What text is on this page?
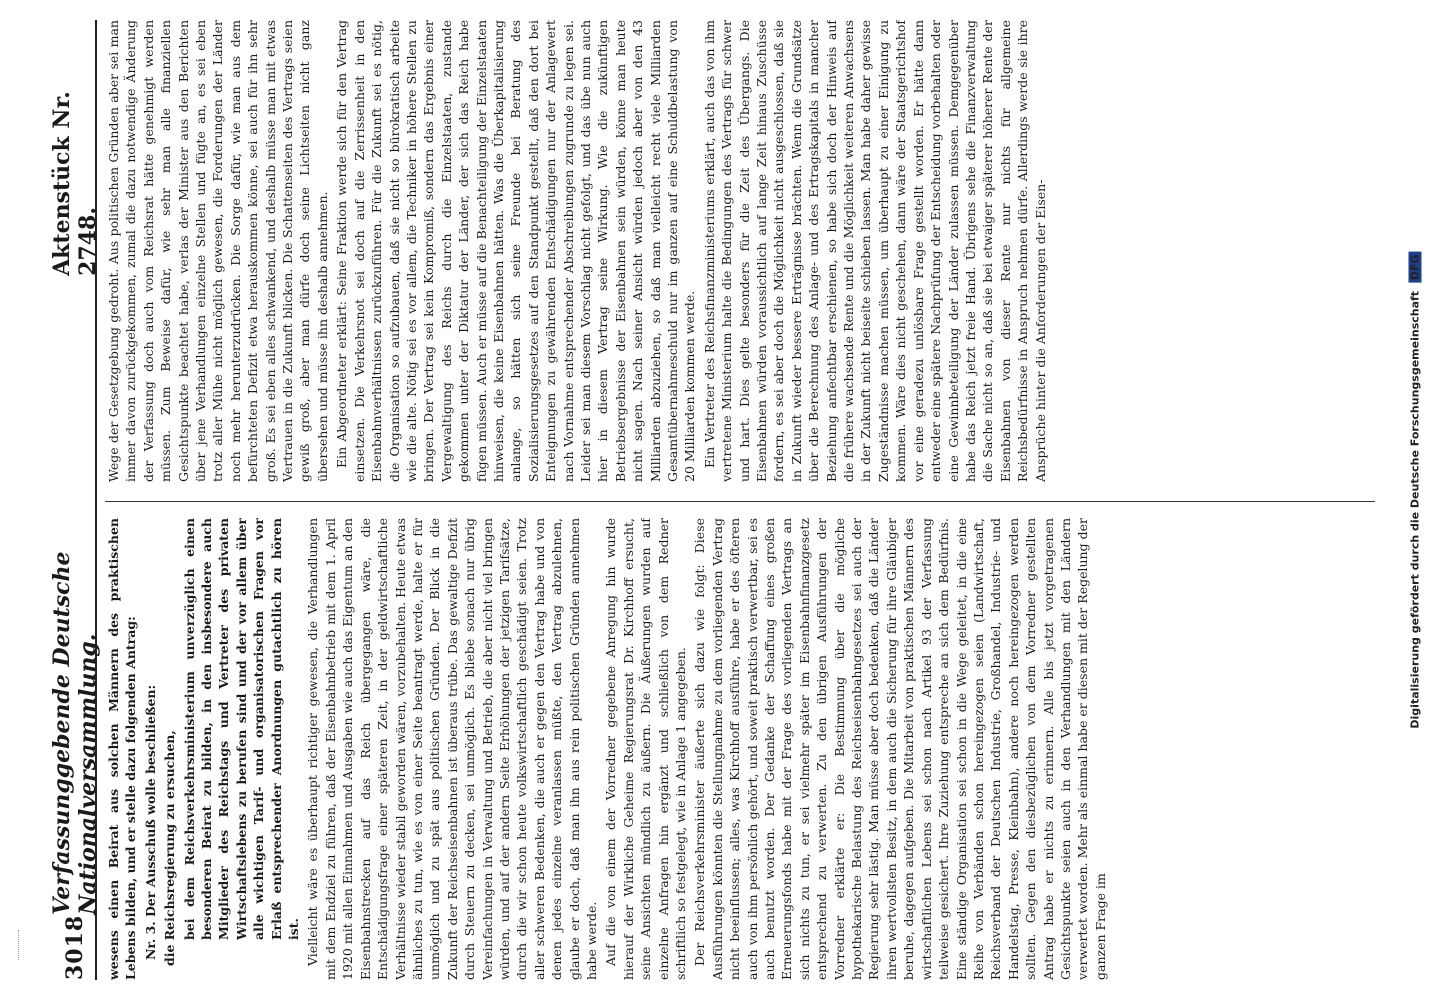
3018
Verfassunggebende Deutsche Nationalversammlung.
Aktenstück Nr. 2748.

wesens einen Beirat aus solchen Männern des praktischen Lebens bilden, und er stelle dazu folgenden Antrag: Nr. 3. Der Ausschuß wolle beschließen: die Reichsregierung zu ersuchen, bei dem Reichsverkehrsministerium unverzüglich einen besonderen Beirat zu bilden, in den insbesondere auch Mitglieder des Reichstags und Vertreter des privaten Wirtschaftslebens zu berufen sind und der vor allem über alle wichtigen Tarif- und organisatorischen Fragen vor Erlaß entsprechender Anordnungen gutachtlich zu hören ist. Vielleicht wäre es überhaupt richtiger gewesen, die Verhandlungen mit dem Endziel zu führen, daß der Eisenbahnbetrieb mit dem 1. April 1920 mit allen Einnahmen und Ausgaben wie auch das Eigentum an den Eisenbahnstrecken auf das Reich übergegangen wäre, die Entschädigungsfrage einer späteren Zeit, in der geldwirtschaftliche Verhältnisse wieder stabil geworden wären, vorzubehalten. Heute etwas ähnliches zu tun, wie es von einer Seite beantragt werde, halte er für unmöglich und zu spät aus politischen Gründen. Der Blick in die Zukunft der Reichseisenbahnen ist überaus trübe. Das gewaltige Defizit durch Steuern zu decken, sei unmöglich. Es bliebe sonach nur übrig Vereinfachungen in Verwaltung und Betrieb, die aber nicht viel bringen würden, und auf der andern Seite Erhöhungen der jetzigen Tarifsätze, durch die wir schon heute volkswirtschaftlich geschädigt seien. Trotz aller schweren Bedenken, die auch er gegen den Vertrag habe und von denen jedes einzelne veranlassen müßte, den Vertrag abzulehnen, glaube er doch, daß man ihn aus rein politischen Gründen annehmen habe werde. Auf die von einem der Vorredner gegebene Anregung hin wurde hierauf der Wirkliche Geheime Regierungsrat Dr. Kirchhoff ersucht, seine Ansichten mündlich zu äußern. Die Äußerungen wurden auf einzelne Anfragen hin ergänzt und schließlich von dem Redner schriftlich so festgelegt, wie in Anlage 1 angegeben. Der Reichsverkehrsminister äußerte sich dazu wie folgt: Diese Ausführungen könnten die Stellungnahme zu dem vorliegenden Vertrag nicht beeinflussen; alles, was Kirchhoff ausführe, habe er des öfteren auch von ihm persönlich gehört, und soweit praktisch verwertbar, sei es auch benutzt worden. Der Gedanke der Schaffung eines großen Erneuerungsfonds habe mit der Frage des vorliegenden Vertrags an sich nichts zu tun, er sei vielmehr später im Eisenbahnfinanzgesetz entsprechend zu verwerten. Zu den übrigen Ausführungen der Vorredner erklärte er: Die Bestimmung über die mögliche hypothekarische Belastung des Reichseisenbahngesetzes sei auch der Regierung sehr lästig. Man müsse aber doch bedenken, daß die Länder ihren wertvollsten Besitz, in dem auch die Sicherung für ihre Gläubiger beruhe, dagegen aufgeben. Die Mitarbeit von praktischen Männern des wirtschaftlichen Lebens sei schon nach Artikel 93 der Verfassung teilweise gesichert. Ihre Zuziehung entspreche an sich dem Bedürfnis. Eine ständige Organisation sei schon in die Wege geleitet, in die eine Reihe von Verbänden schon hereingezogen seien (Landwirtschaft, Reichsverband der Deutschen Industrie, Großhandel, Industrie- und Handelstag, Presse, Kleinbahn), andere noch hereingezogen werden sollten. Gegen den diesbezüglichen von dem Vorredner gestellten Antrag habe er nichts zu erinnern. Alle bis jetzt vorgetragenen Gesichtspunkte seien auch in den Verhandlungen mit den Ländern verwertet worden. Mehr als einmal habe er diesen mit der Regelung der ganzen Frage im

Wege der Gesetzgebung gedroht. Aus politischen Gründen aber sei man immer davon zurückgekommen, zumal die dazu notwendige Änderung der Verfassung doch auch vom Reichsrat hätte genehmigt werden müssen. Zum Beweise dafür, wie sehr man alle finanziellen Gesichtspunkte beachtet habe, verlas der Minister aus den Berichten über jene Verhandlungen einzelne Stellen und fügte an, es sei eben trotz aller Mühe nicht möglich gewesen, die Forderungen der Länder noch mehr herunterzudrücken. Die Sorge dafür, wie man aus dem befürchteten Defizit etwa herauskommen könne, sei auch für ihn sehr groß. Es sei eben alles schwankend, und deshalb müsse man mit etwas Vertrauen in die Zukunft blicken. Die Schattenseiten des Vertrags seien gewiß groß, aber man dürfe doch seine Lichtseiten nicht ganz übersehen und müsse ihn deshalb annehmen. Ein Abgeordneter erklärt: Seine Fraktion werde sich für den Vertrag einsetzen. Die Verkehrsnot sei doch auf die Zerrissenheit in den Eisenbahnverhältnissen zurückzuführen. Für die Zukunft sei es nötig, die Organisation so aufzubauen, daß sie nicht so bürokratisch arbeite wie die alte. Nötig sei es vor allem, die Techniker in höhere Stellen zu bringen. Der Vertrag sei kein Kompromiß, sondern das Ergebnis einer Vergewaltigung des Reichs durch die Einzelstaaten, zustande gekommen unter der Diktatur der Länder, der sich das Reich habe fügen müssen. Auch er müsse auf die Benachteiligung der Einzelstaaten hinweisen, die keine Eisenbahnen hätten. Was die Überkapitalisierung anlange, so hätten sich seine Freunde bei Beratung des Sozialisierungsgesetzes auf den Standpunkt gestellt, daß den dort bei Enteignungen zu gewährenden Entschädigungen nur der Anlagewert nach Vornahme entsprechender Abschreibungen zugrunde zu legen sei. Leider sei man diesem Vorschlag nicht gefolgt, und das übe nun auch hier in diesem Vertrag seine Wirkung. Wie die zukünftigen Betriebsergebnisse der Eisenbahnen sein würden, könne man heute nicht sagen. Nach seiner Ansicht würden jedoch aber von den 43 Milliarden abzuziehen, so daß man vielleicht recht viele Milliarden Gesamtübernahmeschuld nur im ganzen auf eine Schuldbelastung von 20 Milliarden kommen werde. Ein Vertreter des Reichsfinanzministeriums erklärt, auch das von ihm vertretene Ministerium halte die Bedingungen des Vertrags für schwer und hart. Dies gelte besonders für die Zeit des Übergangs. Die Eisenbahnen würden voraussichtlich auf lange Zeit hinaus Zuschüsse fordern, es sei aber doch die Möglichkeit nicht ausgeschlossen, daß sie in Zukunft wieder bessere Erträgnisse brächten. Wenn die Grundsätze über die Berechnung des Anlage- und des Ertragskapitals in mancher Beziehung anfechtbar erschienen, so habe sich doch der Hinweis auf die frühere wachsende Rente und die Möglichkeit weiteren Anwachsens in der Zukunft nicht beiseite schieben lassen. Man habe daher gewisse Zugeständnisse machen müssen, um überhaupt zu einer Einigung zu kommen. Wäre dies nicht geschehen, dann wäre der Staatsgerichtshof vor eine geradezu unlösbare Frage gestellt worden. Er hätte dann entweder eine spätere Nachprüfung der Entscheidung vorbehalten oder eine Gewinnbeteiligung der Länder zulassen müssen. Demgegenüber habe das Reich jetzt freie Hand. Übrigens sehe die Finanzverwaltung die Sache nicht so an, daß sie bei etwaiger späterer höherer Rente der Eisenbahnen von dieser Rente nur nichts für allgemeine Reichsbedürfnisse in Anspruch nehmen dürfe. Allerdings werde sie ihre Ansprüche hinter die Anforderungen der Eisen-	Digitalisierung gefördert durch die Deutsche Forschungsgemeinschaft DFG
